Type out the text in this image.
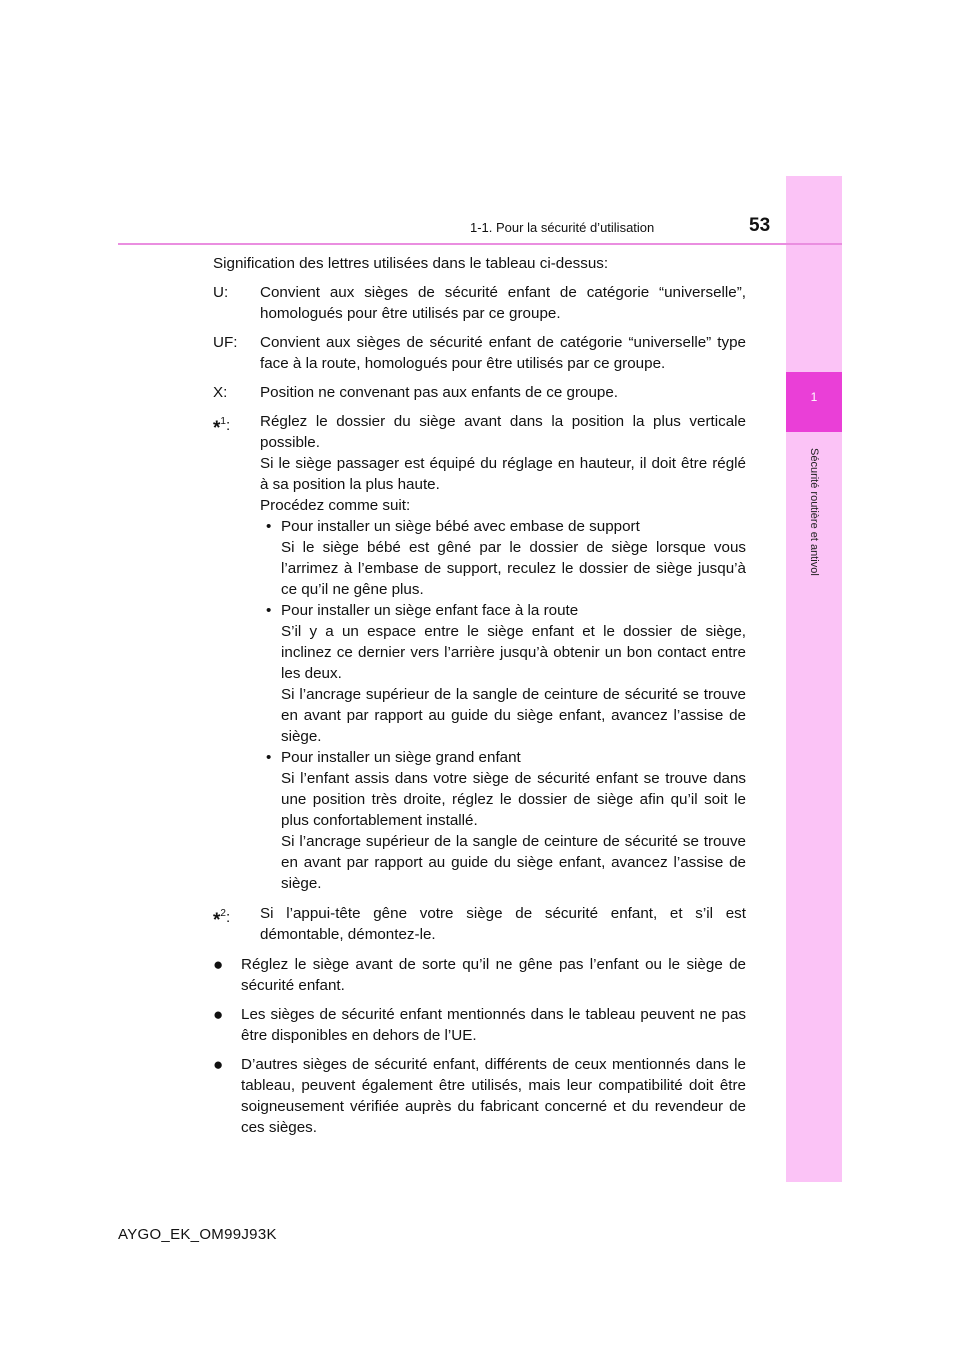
1
Sécurité routière et antivol
1-1. Pour la sécurité d’utilisation	53

Signification des lettres utilisées dans le tableau ci-dessus:

U:	Convient aux sièges de sécurité enfant de catégorie “universelle”, homologués pour être utilisés par ce groupe.
UF:	Convient aux sièges de sécurité enfant de catégorie “universelle” type face à la route, homologués pour être utilisés par ce groupe.
X:	Position ne convenant pas aux enfants de ce groupe.
*$^1$:	Réglez le dossier du siège avant dans la position la plus verticale possible.

Si le siège passager est équipé du réglage en hauteur, il doit être réglé à sa position la plus haute.

Procédez comme suit:

• Pour installer un siège bébé avec embase de support

Si le siège bébé est gêné par le dossier de siège lorsque vous l’arrimez à l’embase de support, reculez le dossier de siège jusqu’à ce qu’il ne gêne plus.

• Pour installer un siège enfant face à la route

S’il y a un espace entre le siège enfant et le dossier de siège, inclinez ce dernier vers l’arrière jusqu’à obtenir un bon contact entre les deux.

Si l’ancrage supérieur de la sangle de ceinture de sécurité se trouve en avant par rapport au guide du siège enfant, avancez l’assise de siège.

• Pour installer un siège grand enfant

Si l’enfant assis dans votre siège de sécurité enfant se trouve dans une position très droite, réglez le dossier de siège afin qu’il soit le plus confortablement installé.

Si l’ancrage supérieur de la sangle de ceinture de sécurité se trouve en avant par rapport au guide du siège enfant, avancez l’assise de siège.

*$^2$:	Si l’appui-tête gêne votre siège de sécurité enfant, et s’il est démontable, démontez-le.

●	Réglez le siège avant de sorte qu’il ne gêne pas l’enfant ou le siège de sécurité enfant.
●	Les sièges de sécurité enfant mentionnés dans le tableau peuvent ne pas être disponibles en dehors de l’UE.
●	D’autres sièges de sécurité enfant, différents de ceux mentionnés dans le tableau, peuvent également être utilisés, mais leur compatibilité doit être soigneusement vérifiée auprès du fabricant concerné et du revendeur de ces sièges.
AYGO_EK_OM99J93K
